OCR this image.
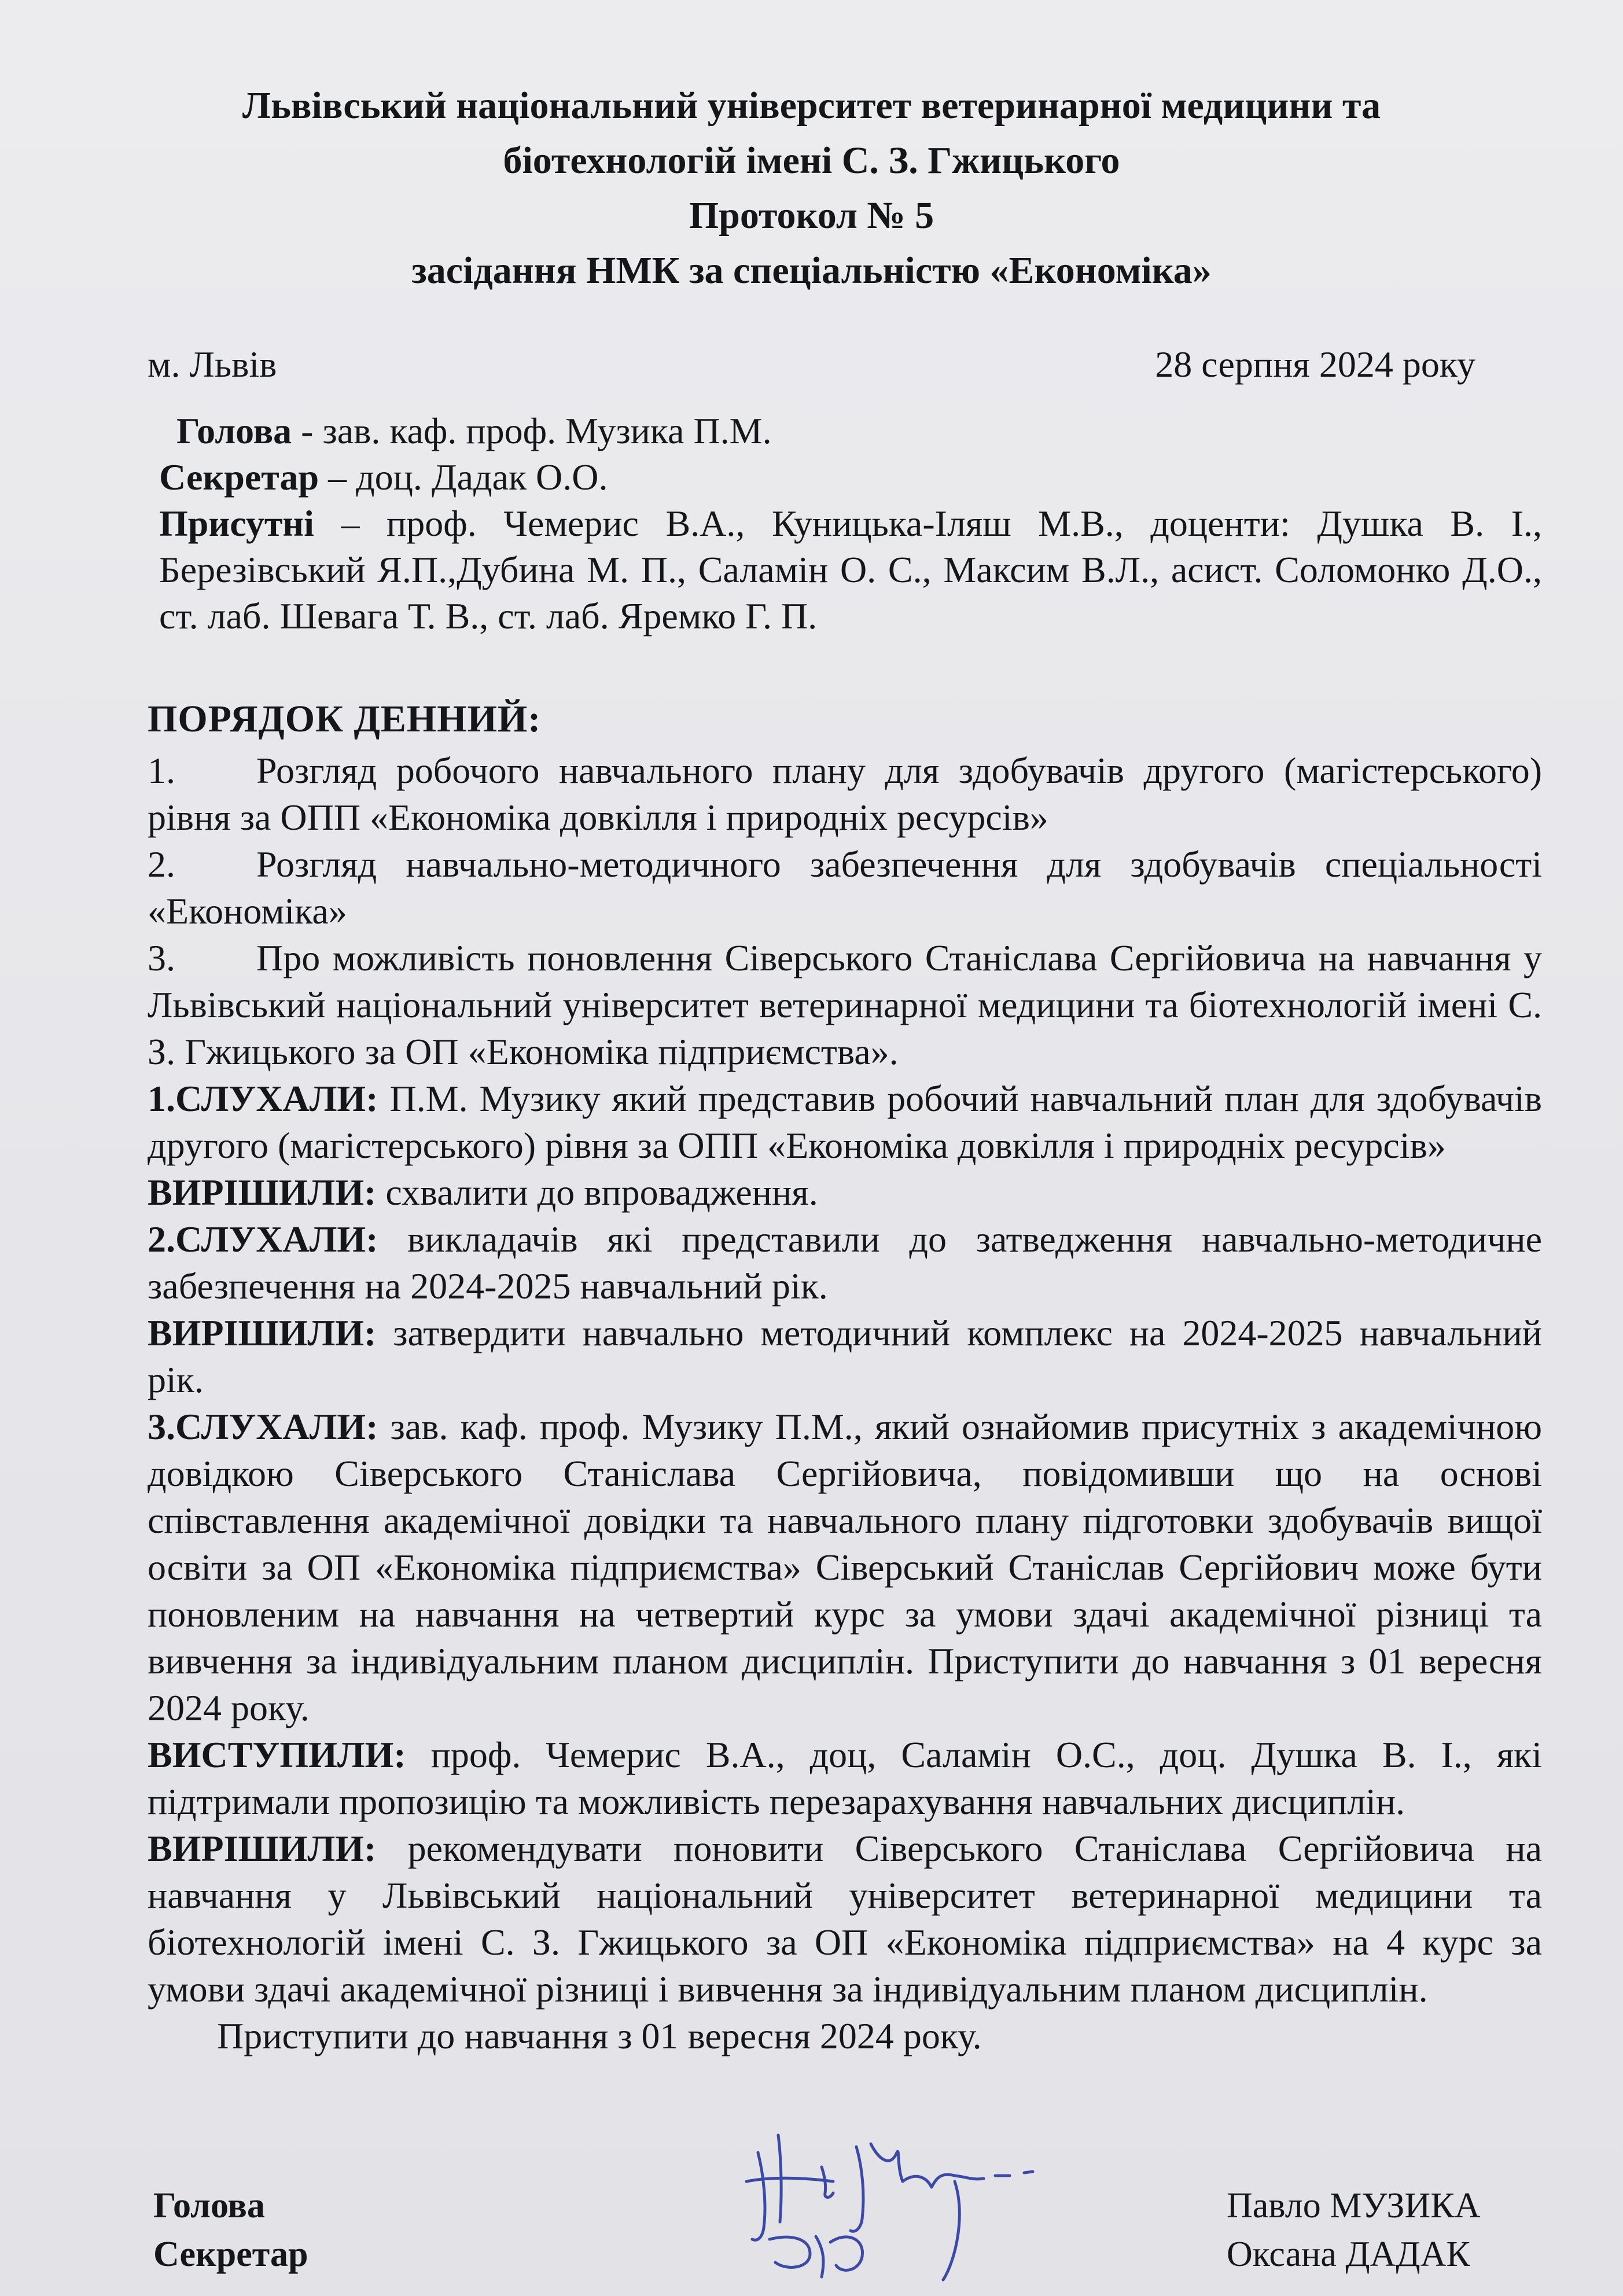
Львівський національний університет ветеринарної медицини та
біотехнологій імені С. З. Гжицького
Протокол № 5
засідання НМК за спеціальністю «Економіка»
м. Львів	28 серпня 2024 року

Голова - зав. каф. проф. Музика П.М.

Секретар – доц. Дадак О.О.

Присутні – проф. Чемерис В.А., Куницька-Іляш М.В., доценти: Душка В. І., Березівський Я.П.,Дубина М. П., Саламін О. С., Максим В.Л., асист. Соломонко Д.О., ст. лаб. Шевага Т. В., ст. лаб. Яремко Г. П.

ПОРЯДОК ДЕННИЙ:

1. Розгляд робочого навчального плану для здобувачів другого (магістерського) рівня за ОПП «Економіка довкілля і природніх ресурсів»

2. Розгляд навчально-методичного забезпечення для здобувачів спеціальності «Економіка»

3. Про можливість поновлення Сіверського Станіслава Сергійовича на навчання у Львівський національний університет ветеринарної медицини та біотехнологій імені С. З. Гжицького за ОП «Економіка підприємства».

1.СЛУХАЛИ: П.М. Музику який представив робочий навчальний план для здобувачів другого (магістерського) рівня за ОПП «Економіка довкілля і природніх ресурсів»

ВИРІШИЛИ: схвалити до впровадження.

2.СЛУХАЛИ: викладачів які представили до затведження навчально-методичне забезпечення на 2024-2025 навчальний рік.

ВИРІШИЛИ: затвердити навчально методичний комплекс на 2024-2025 навчальний рік.

3.СЛУХАЛИ: зав. каф. проф. Музику П.М., який ознайомив присутніх з академічною довідкою Сіверського Станіслава Сергійовича, повідомивши що на основі співставлення академічної довідки та навчального плану підготовки здобувачів вищої освіти за ОП «Економіка підприємства» Сіверський Станіслав Сергійович може бути поновленим на навчання на четвертий курс за умови здачі академічної різниці та вивчення за індивідуальним планом дисциплін. Приступити до навчання з 01 вересня 2024 року.

ВИСТУПИЛИ: проф. Чемерис В.А., доц, Саламін О.С., доц. Душка В. І., які підтримали пропозицію та можливість перезарахування навчальних дисциплін.

ВИРІШИЛИ: рекомендувати поновити Сіверського Станіслава Сергійовича на навчання у Львівський національний університет ветеринарної медицини та біотехнологій імені С. З. Гжицького за ОП «Економіка підприємства» на 4 курс за умови здачі академічної різниці і вивчення за індивідуальним планом дисциплін.

Приступити до навчання з 01 вересня 2024 року.

Голова
Секретар
Павло МУЗИКА
Оксана ДАДАК
